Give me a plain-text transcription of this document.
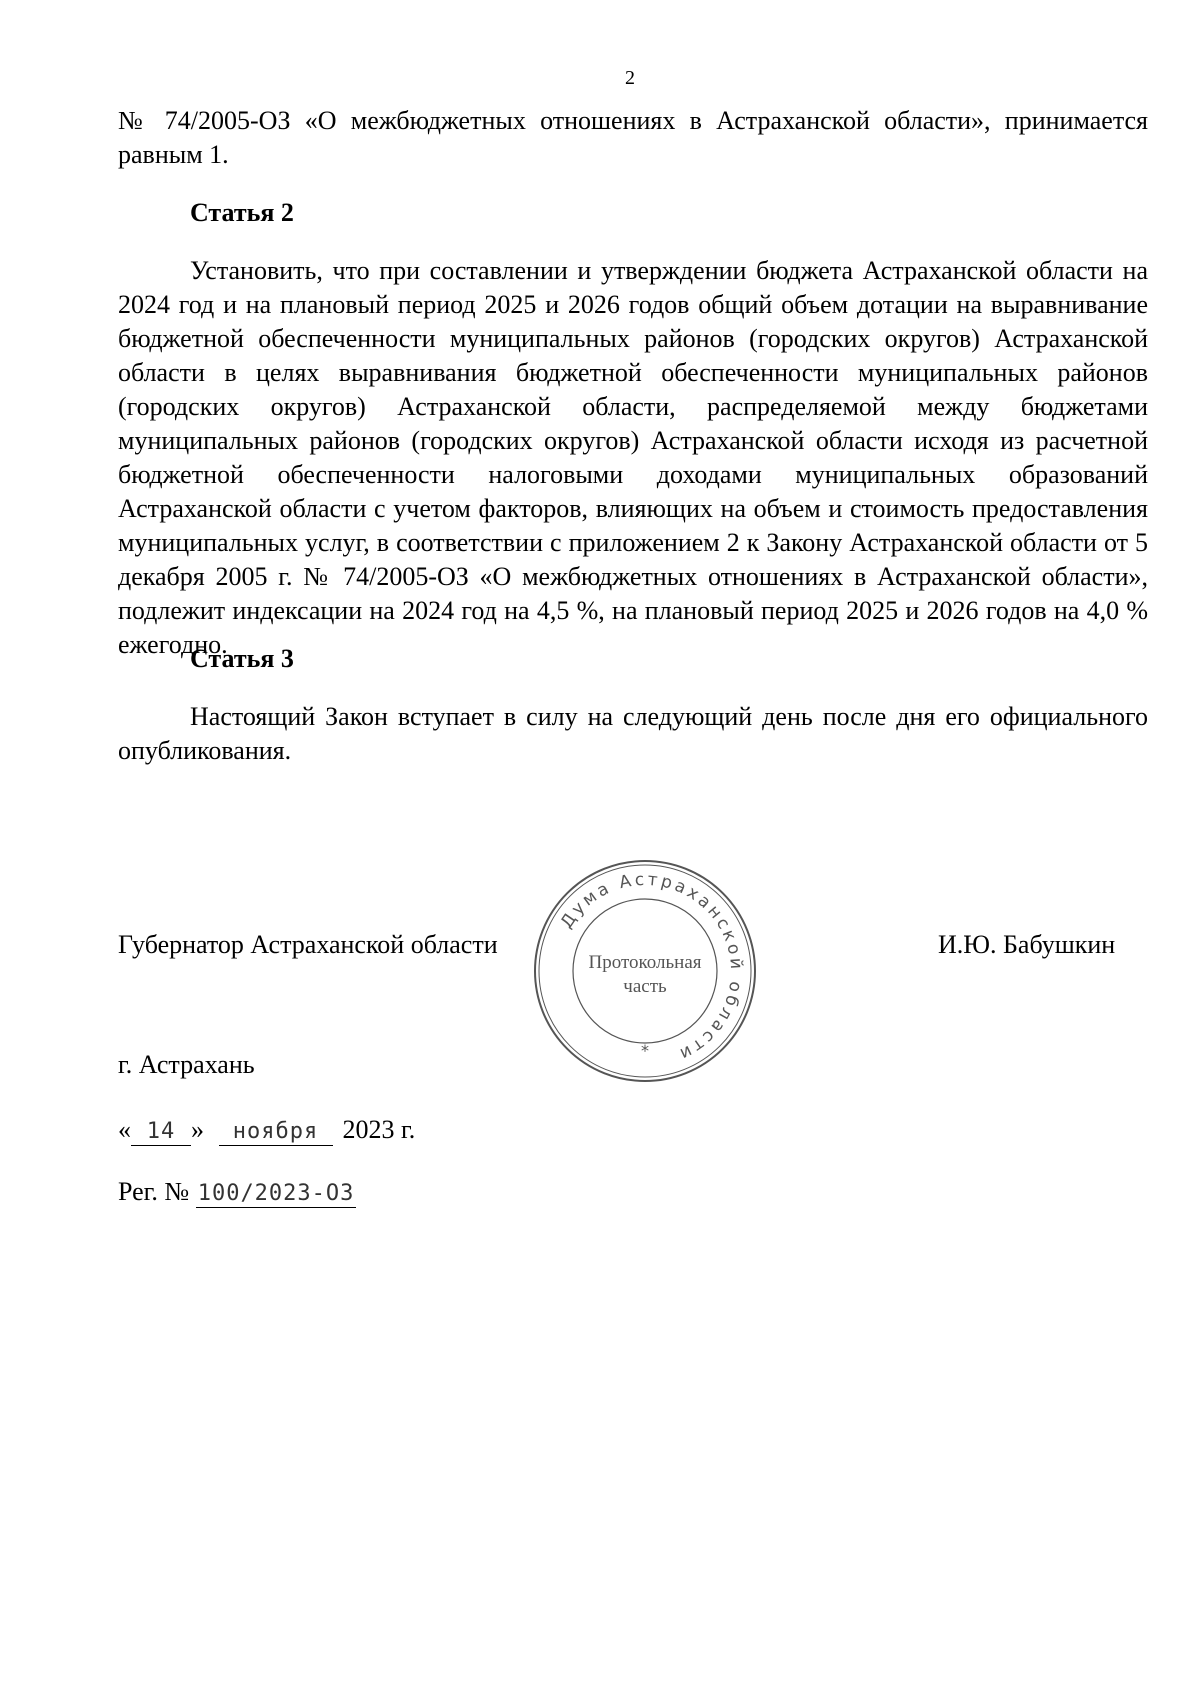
2
№ 74/2005-ОЗ «О межбюджетных отношениях в Астраханской области», принимается равным 1.
Статья 2
Установить, что при составлении и утверждении бюджета Астраханской области на 2024 год и на плановый период 2025 и 2026 годов общий объем дотации на выравнивание бюджетной обеспеченности муниципальных районов (городских округов) Астраханской области в целях выравнивания бюджетной обеспеченности муниципальных районов (городских округов) Астраханской области, распределяемой между бюджетами муниципальных районов (городских округов) Астраханской области исходя из расчетной бюджетной обеспеченности налоговыми доходами муниципальных образований Астраханской области с учетом факторов, влияющих на объем и стоимость предоставления муниципальных услуг, в соответствии с приложением 2 к Закону Астраханской области от 5 декабря 2005 г. № 74/2005-ОЗ «О межбюджетных отношениях в Астраханской области», подлежит индексации на 2024 год на 4,5 %, на плановый период 2025 и 2026 годов на 4,0 % ежегодно.
Статья 3
Настоящий Закон вступает в силу на следующий день после дня его официального опубликования.
Губернатор Астраханской области
Дума Астраханской области
Протокольная
часть
*
И.Ю. Бабушкин
г. Астрахань
« 14 » ноября 2023 г.
Рег. № 100/2023-ОЗ
